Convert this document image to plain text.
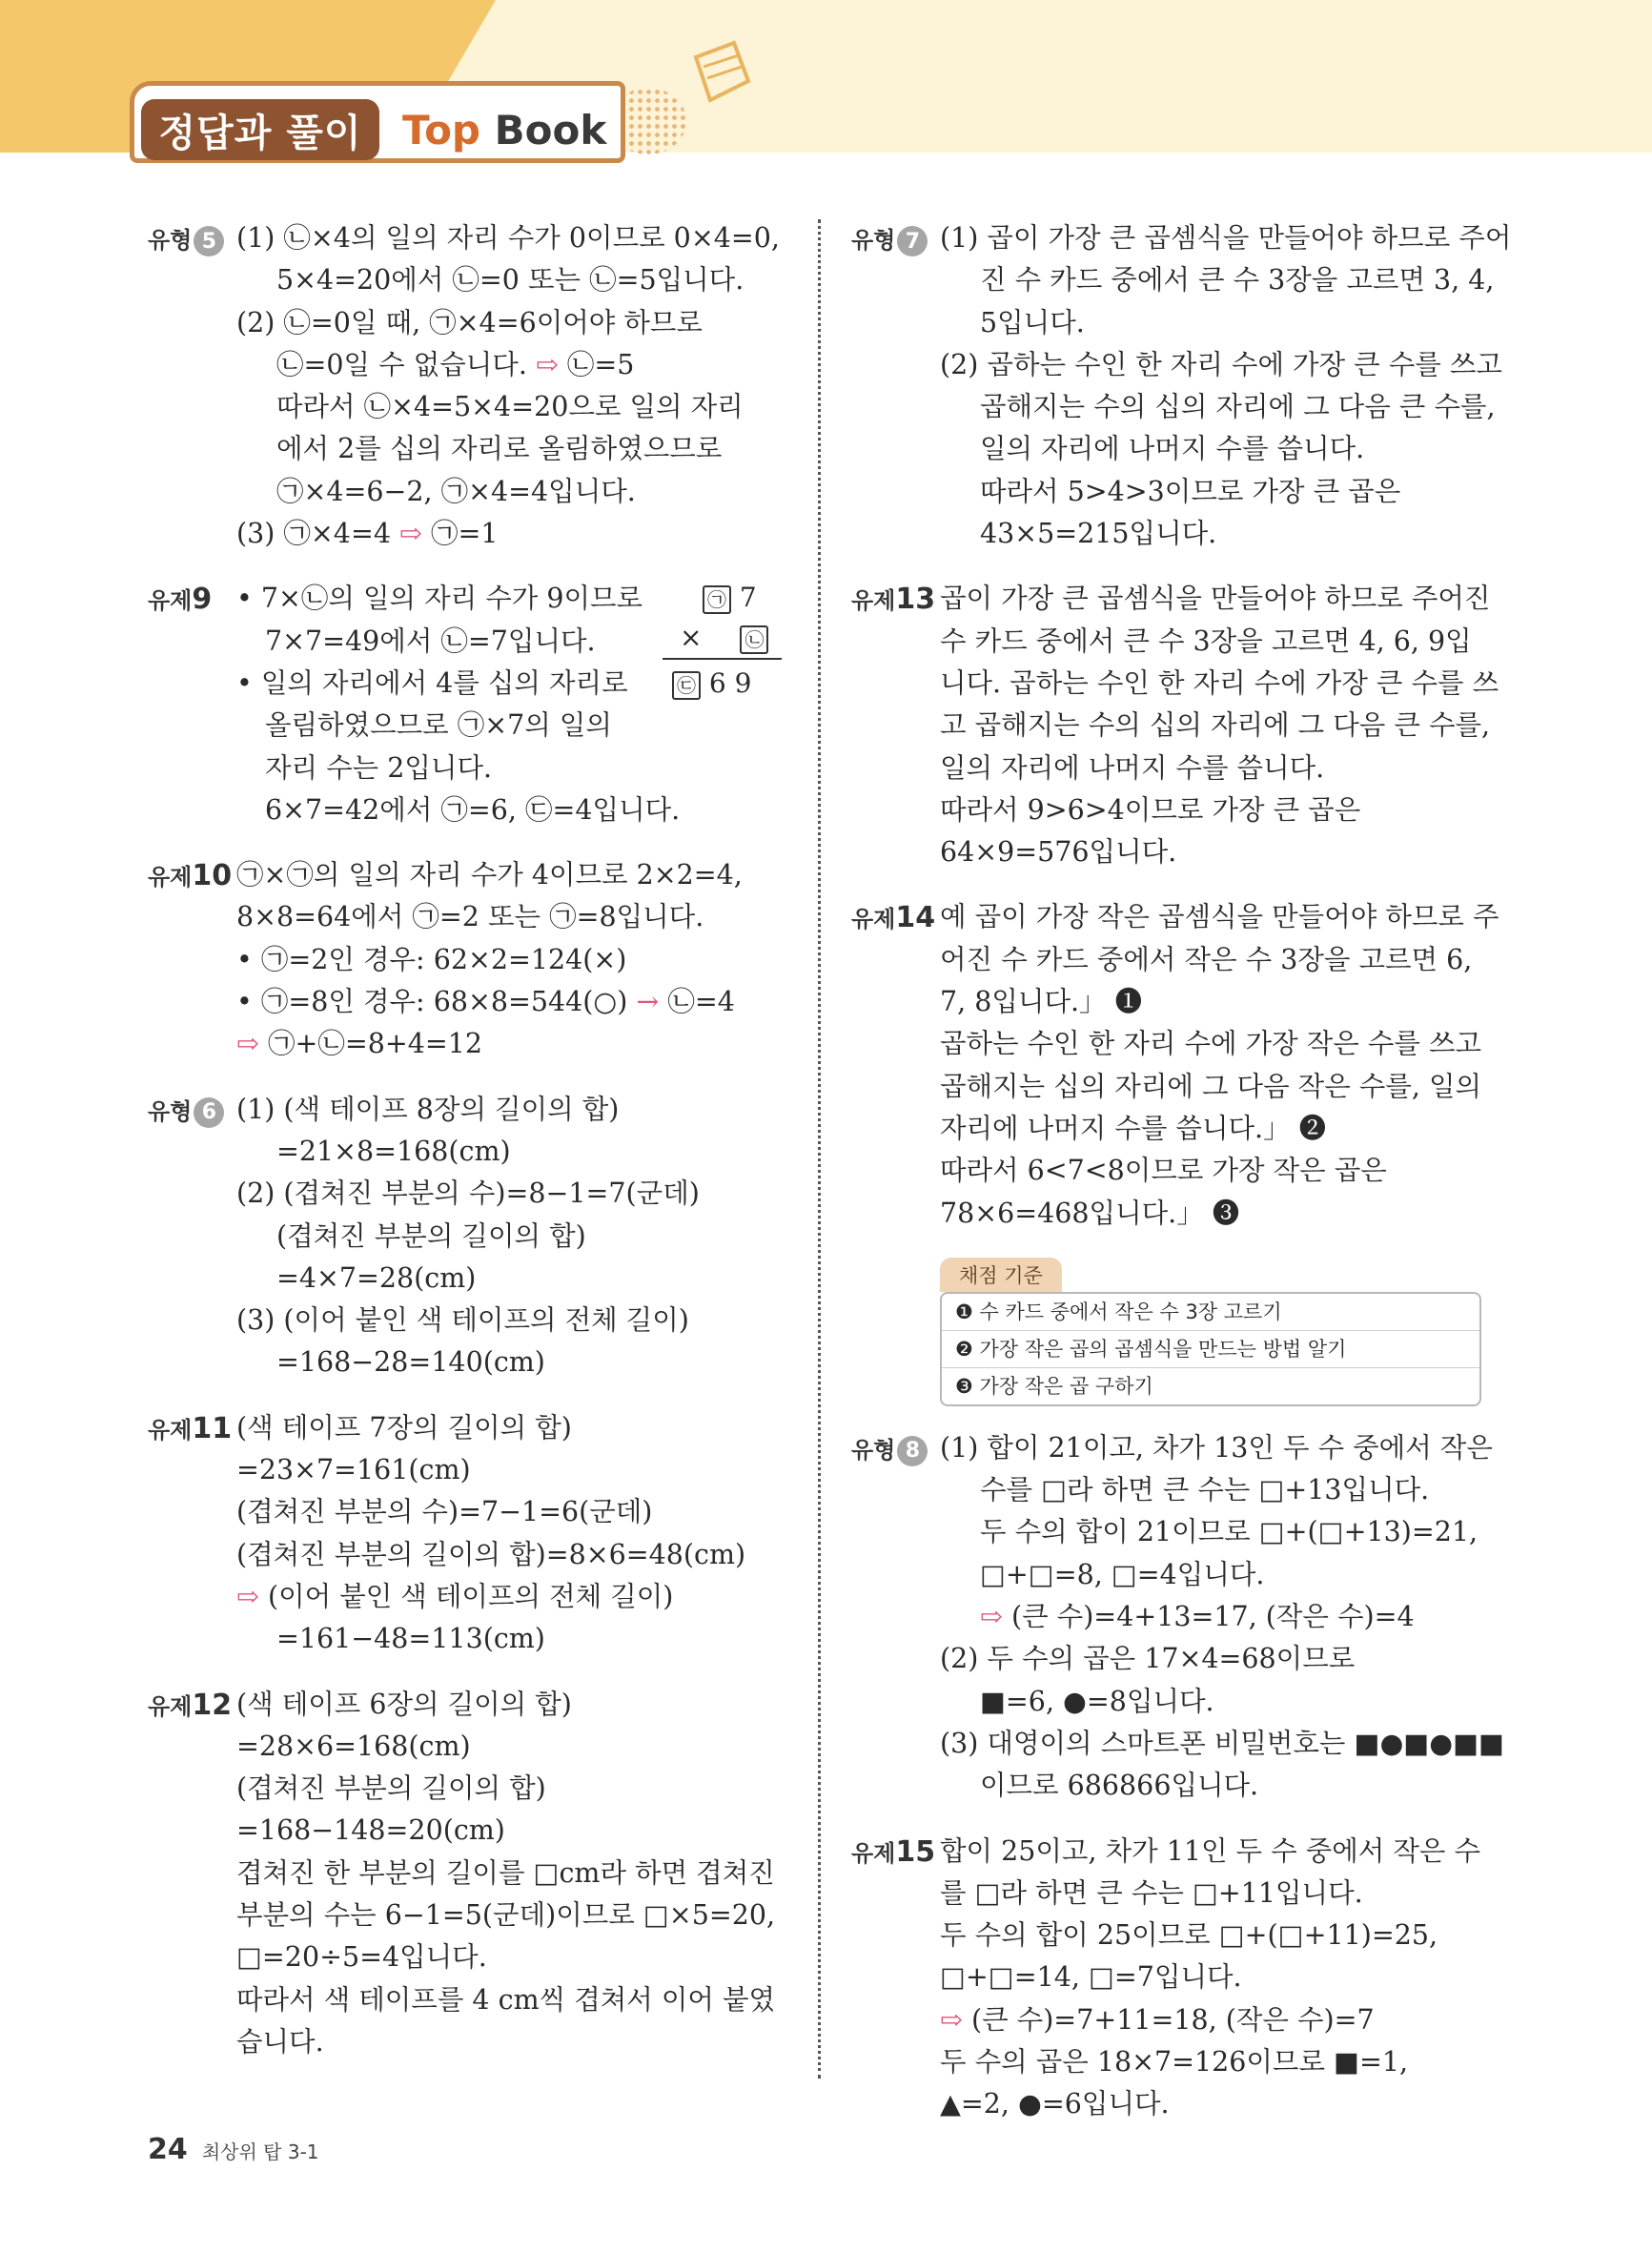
정답과 풀이	Top Book
유형 5 (1) ㉡×4의 일의 자리 수가 0이므로 0×4=0,
5×4=20에서 ㉡=0 또는 ㉡=5입니다.
(2) ㉡=0일 때, ㉠×4=6이어야 하므로
㉡=0일 수 없습니다. ⇨ ㉡=5
따라서 ㉡×4=5×4=20으로 일의 자리
에서 2를 십의 자리로 올림하였으므로
㉠×4=6−2, ㉠×4=4입니다.
(3) ㉠×4=4 ⇨ ㉠=1
유제9 • 7×㉡의 일의 자리 수가 9이므로
7×7=49에서 ㉡=7입니다.
• 일의 자리에서 4를 십의 자리로
올림하였으므로 ㉠×7의 일의
자리 수는 2입니다.
6×7=42에서 ㉠=6, ㉢=4입니다.
㉠ 7
× ㉡
㉢ 6 9
유제10 ㉠×㉠의 일의 자리 수가 4이므로 2×2=4,
8×8=64에서 ㉠=2 또는 ㉠=8입니다.
• ㉠=2인 경우: 62×2=124(×)
• ㉠=8인 경우: 68×8=544(○) → ㉡=4
⇨ ㉠+㉡=8+4=12
유형 6 (1) (색 테이프 8장의 길이의 합)
=21×8=168(cm)
(2) (겹쳐진 부분의 수)=8−1=7(군데)
(겹쳐진 부분의 길이의 합)
=4×7=28(cm)
(3) (이어 붙인 색 테이프의 전체 길이)
=168−28=140(cm)
유제11 (색 테이프 7장의 길이의 합)
=23×7=161(cm)
(겹쳐진 부분의 수)=7−1=6(군데)
(겹쳐진 부분의 길이의 합)=8×6=48(cm)
⇨ (이어 붙인 색 테이프의 전체 길이)
=161−48=113(cm)
유제12 (색 테이프 6장의 길이의 합)
=28×6=168(cm)
(겹쳐진 부분의 길이의 합)
=168−148=20(cm)
겹쳐진 한 부분의 길이를 □cm라 하면 겹쳐진
부분의 수는 6−1=5(군데)이므로 □×5=20,
□=20÷5=4입니다.
따라서 색 테이프를 4 cm씩 겹쳐서 이어 붙였
습니다.
유형 7 (1) 곱이 가장 큰 곱셈식을 만들어야 하므로 주어
진 수 카드 중에서 큰 수 3장을 고르면 3, 4,
5입니다.
(2) 곱하는 수인 한 자리 수에 가장 큰 수를 쓰고
곱해지는 수의 십의 자리에 그 다음 큰 수를,
일의 자리에 나머지 수를 씁니다.
따라서 5>4>3이므로 가장 큰 곱은
43×5=215입니다.
유제13 곱이 가장 큰 곱셈식을 만들어야 하므로 주어진
수 카드 중에서 큰 수 3장을 고르면 4, 6, 9입
니다. 곱하는 수인 한 자리 수에 가장 큰 수를 쓰
고 곱해지는 수의 십의 자리에 그 다음 큰 수를,
일의 자리에 나머지 수를 씁니다.
따라서 9>6>4이므로 가장 큰 곱은
64×9=576입니다.
유제14 예 곱이 가장 작은 곱셈식을 만들어야 하므로 주
어진 수 카드 중에서 작은 수 3장을 고르면 6,
7, 8입니다.」 ❶
곱하는 수인 한 자리 수에 가장 작은 수를 쓰고
곱해지는 십의 자리에 그 다음 작은 수를, 일의
자리에 나머지 수를 씁니다.」 ❷
따라서 6<7<8이므로 가장 작은 곱은
78×6=468입니다.」 ❸
채점 기준
❶ 수 카드 중에서 작은 수 3장 고르기
❷ 가장 작은 곱의 곱셈식을 만드는 방법 알기
❸ 가장 작은 곱 구하기
유형 8 (1) 합이 21이고, 차가 13인 두 수 중에서 작은
수를 □라 하면 큰 수는 □+13입니다.
두 수의 합이 21이므로 □+(□+13)=21,
□+□=8, □=4입니다.
⇨ (큰 수)=4+13=17, (작은 수)=4
(2) 두 수의 곱은 17×4=68이므로
■=6, ●=8입니다.
(3) 대영이의 스마트폰 비밀번호는 ■●■●■■
이므로 686866입니다.
유제15 합이 25이고, 차가 11인 두 수 중에서 작은 수
를 □라 하면 큰 수는 □+11입니다.
두 수의 합이 25이므로 □+(□+11)=25,
□+□=14, □=7입니다.
⇨ (큰 수)=7+11=18, (작은 수)=7
두 수의 곱은 18×7=126이므로 ■=1,
▲=2, ●=6입니다.
24 최상위 탑 3-1
